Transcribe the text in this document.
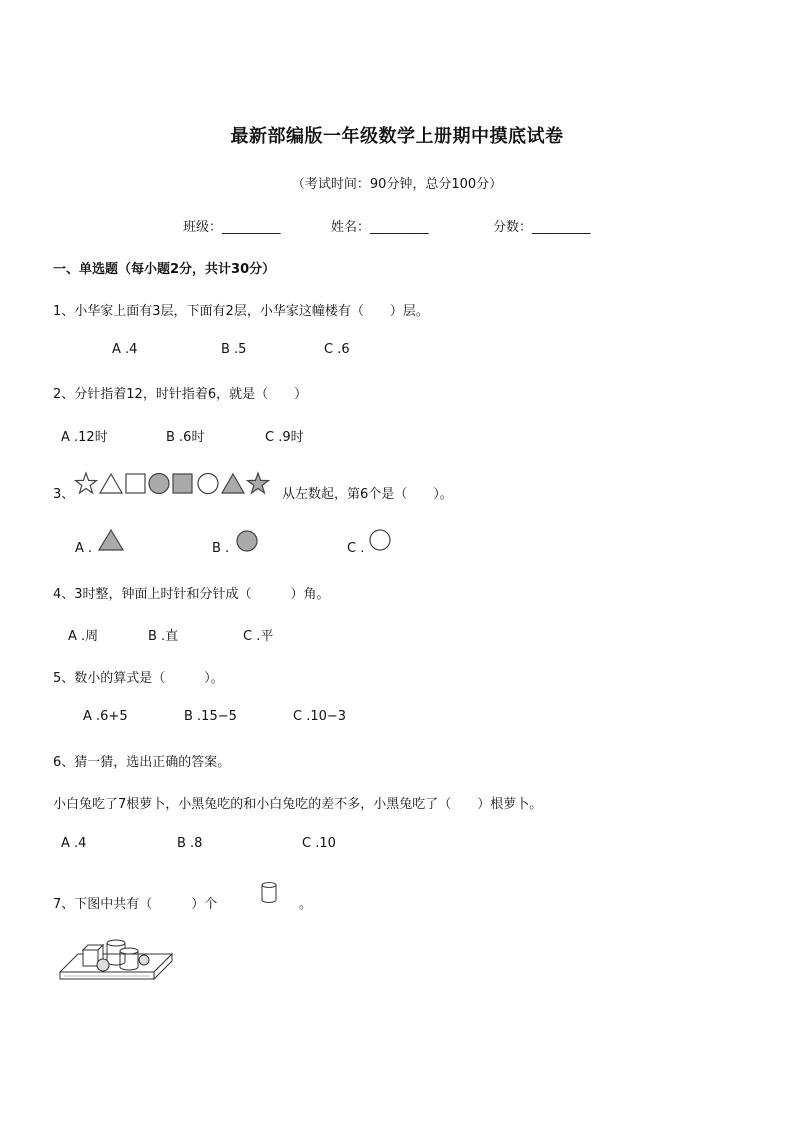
最新部编版一年级数学上册期中摸底试卷
（考试时间：90分钟，总分100分）
班级：_________	姓名：_________	分数：_________
一、单选题（每小题2分，共计30分）
1、小华家上面有3层，下面有2层，小华家这幢楼有（　　）层。
A .4	B .5	C .6
2、分针指着12，时针指着6，就是（　　）
A .12时	B .6时	C .9时
3、	从左数起，第6个是（　　）。
A .	B .	C .
4、3时整，钟面上时针和分针成（　　　）角。
A .周	B .直	C .平
5、数小的算式是（　　　）。
A .6+5	B .15−5	C .10−3
6、猜一猜，选出正确的答案。
小白兔吃了7根萝卜，小黑兔吃的和小白兔吃的差不多，小黑兔吃了（　　）根萝卜。
A .4	B .8	C .10
7、下图中共有（　　　）个	。
